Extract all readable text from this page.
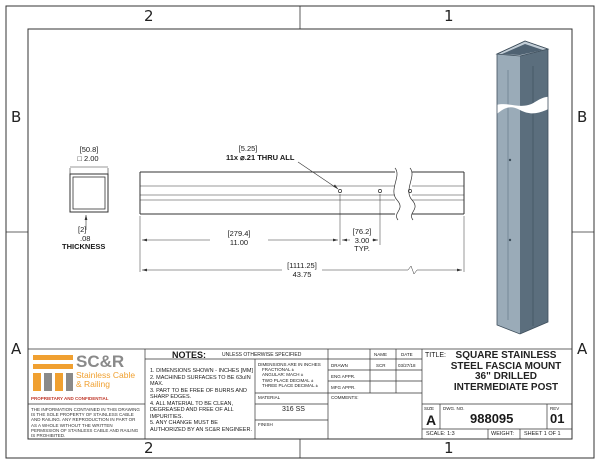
2	1
2	1
B
A
B
A
[50.8]
□ 2.00
[2]
.08
THICKNESS
[5.25]
11x ⌀.21 THRU ALL
[279.4]
11.00
[76.2]
3.00
TYP.
[1111.25]
43.75
SC&R
Stainless Cable
& Railing
PROPRIETARY AND CONFIDENTIAL
THE INFORMATION CONTAINED IN THIS DRAWING IS THE SOLE PROPERTY OF STAINLESS CABLE AND RAILING. ANY REPRODUCTION IN PART OR AS A WHOLE WITHOUT THE WRITTEN PERMISSION OF STAINLESS CABLE AND RAILING IS PROHIBITED.
NOTES:	UNLESS OTHERWISE SPECIFIED
1. DIMENSIONS SHOWN - INCHES [MM]
2. MACHINED SURFACES TO BE 63uIN MAX.
3. PART TO BE FREE OF BURRS AND SHARP EDGES.
4. ALL MATERIAL TO BE CLEAN, DEGREASED AND FREE OF ALL IMPURITIES.
5. ANY CHANGE MUST BE AUTHORIZED BY AN SC&R ENGINEER.
DIMENSIONS ARE IN INCHES
FRACTIONAL ±
ANGULAR: MACH ±
TWO PLACE DECIMAL ±
THREE PLACE DECIMAL ±
MATERIAL
316 SS
FINISH
NAME	DATE
DRAWN	SCR	03/27/18
ENG APPR.
MFG APPR.
COMMENTS:
TITLE: SQUARE STAINLESS
STEEL FASCIA MOUNT
36" DRILLED
INTERMEDIATE POST
SIZE
A
DWG. NO.
988095
REV
01
SCALE: 1:3	WEIGHT: SHEET 1 OF 1
